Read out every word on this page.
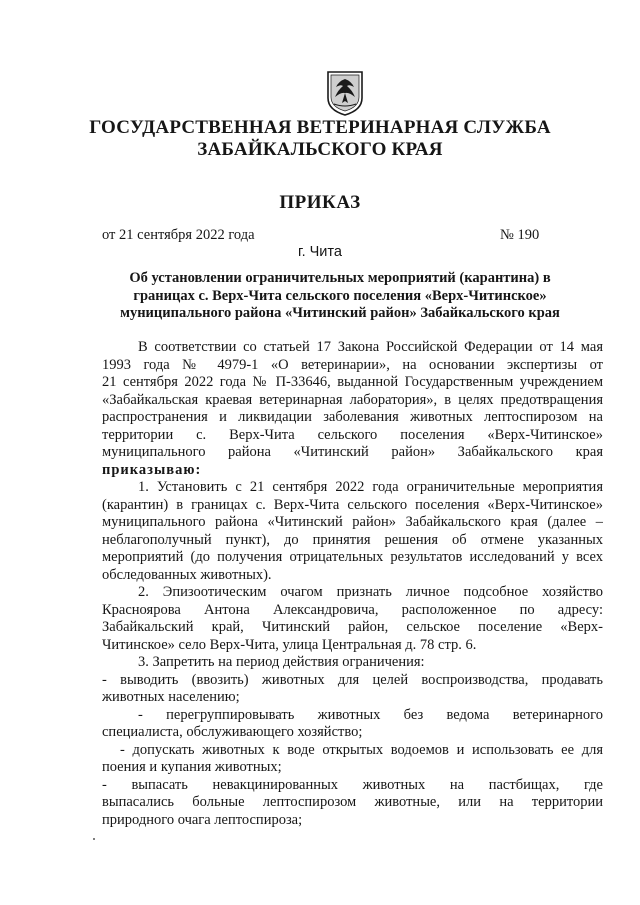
ГОСУДАРСТВЕННАЯ ВЕТЕРИНАРНАЯ СЛУЖБА
ЗАБАЙКАЛЬСКОГО КРАЯ
ПРИКАЗ
от 21 сентября 2022 года	№ 190
г. Чита
Об установлении ограничительных мероприятий (карантина) в
границах с. Верх-Чита сельского поселения «Верх-Читинское»
муниципального района «Читинский район» Забайкальского края
В соответствии со статьей 17 Закона Российской Федерации от 14 мая
1993 года № 4979-1 «О ветеринарии», на основании экспертизы от
21 сентября 2022 года № П-33646, выданной Государственным учреждением
«Забайкальская краевая ветеринарная лаборатория», в целях предотвращения
распространения и ликвидации заболевания животных лептоспирозом на
территории с. Верх-Чита сельского поселения «Верх-Читинское»
муниципального района «Читинский район» Забайкальского края
приказываю:
1. Установить с 21 сентября 2022 года ограничительные мероприятия
(карантин) в границах с. Верх-Чита сельского поселения «Верх-Читинское»
муниципального района «Читинский район» Забайкальского края (далее –
неблагополучный пункт), до принятия решения об отмене указанных
мероприятий (до получения отрицательных результатов исследований у всех
обследованных животных).
2. Эпизоотическим очагом признать личное подсобное хозяйство
Красноярова Антона Александровича, расположенное по адресу:
Забайкальский край, Читинский район, сельское поселение «Верх-
Читинское» село Верх-Чита, улица Центральная д. 78 стр. 6.
3. Запретить на период действия ограничения:
- выводить (ввозить) животных для целей воспроизводства, продавать
животных населению;
- перегруппировывать животных без ведома ветеринарного
специалиста, обслуживающего хозяйство;
- допускать животных к воде открытых водоемов и использовать ее для
поения и купания животных;
- выпасать невакцинированных животных на пастбищах, где
выпасались больные лептоспирозом животные, или на территории
природного очага лептоспироза;
